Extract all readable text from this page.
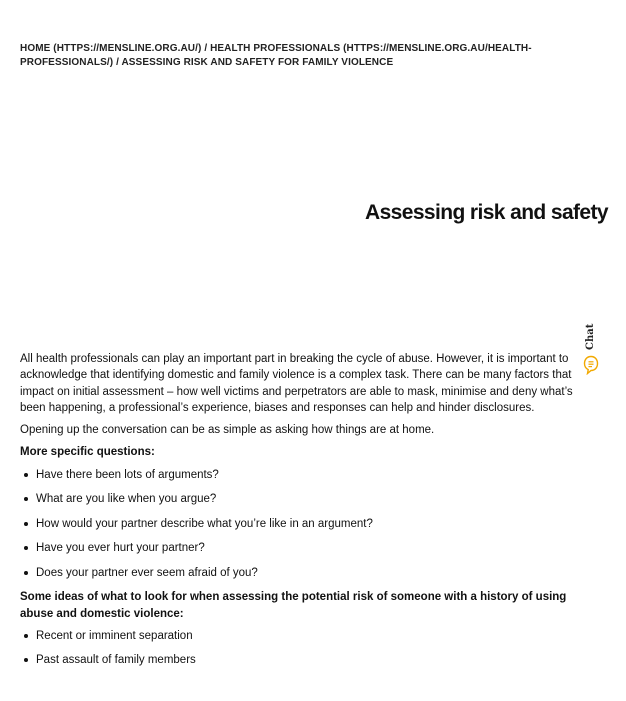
HOME (HTTPS://MENSLINE.ORG.AU/) / HEALTH PROFESSIONALS (HTTPS://MENSLINE.ORG.AU/HEALTH-PROFESSIONALS/) / ASSESSING RISK AND SAFETY FOR FAMILY VIOLENCE
Assessing risk and safety

All health professionals can play an important part in breaking the cycle of abuse. However, it is important to acknowledge that identifying domestic and family violence is a complex task. There can be many factors that impact on initial assessment – how well victims and perpetrators are able to mask, minimise and deny what’s been happening, a professional’s experience, biases and responses can help and hinder disclosures.

Opening up the conversation can be as simple as asking how things are at home.

More specific questions:

Have there been lots of arguments?
What are you like when you argue?
How would your partner describe what you’re like in an argument?
Have you ever hurt your partner?
Does your partner ever seem afraid of you?

Some ideas of what to look for when assessing the potential risk of someone with a history of using abuse and domestic violence:

Recent or imminent separation
Past assault of family members
Chat
